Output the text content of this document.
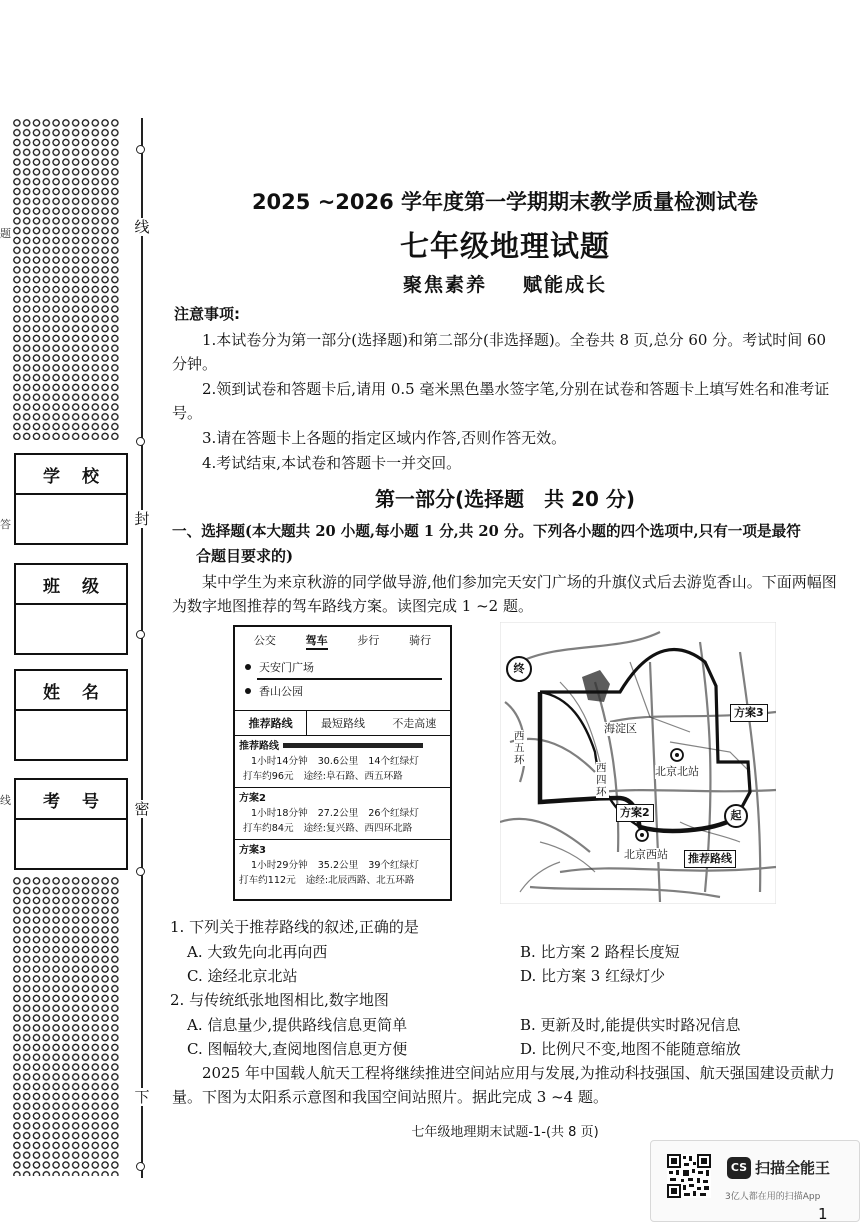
题
答
线
线
封
密
下
学 校
班 级
姓 名
考 号
2025 ~2026 学年度第一学期期末教学质量检测试卷
七年级地理试题
聚焦素养 赋能成长
注意事项:
1.本试卷分为第一部分(选择题)和第二部分(非选择题)。全卷共 8 页,总分 60 分。考试时间 60 分钟。
2.领到试卷和答题卡后,请用 0.5 毫米黑色墨水签字笔,分别在试卷和答题卡上填写姓名和准考证号。
3.请在答题卡上各题的指定区域内作答,否则作答无效。
4.考试结束,本试卷和答题卡一并交回。
第一部分(选择题　共 20 分)
一、选择题(本大题共 20 小题,每小题 1 分,共 20 分。下列各小题的四个选项中,只有一项是最符
合题目要求的)
某中学生为来京秋游的同学做导游,他们参加完天安门广场的升旗仪式后去游览香山。下面两幅图为数字地图推荐的驾车路线方案。读图完成 1 ~2 题。
公交	驾车	步行	骑行
天安门广场
香山公园
推荐路线	最短路线	不走高速
推荐路线
1小时14分钟 30.6公里 14个红绿灯
打车约96元 途经:阜石路、西五环路
方案2
1小时18分钟 27.2公里 26个红绿灯
打车约84元 途经:复兴路、西四环北路
方案3
1小时29分钟 35.2公里 39个红绿灯
打车约112元 途经:北辰西路、北五环路
终
起
方案3
海淀区
西五环
西四环
北京北站
方案2
北京西站	推荐路线
1. 下列关于推荐路线的叙述,正确的是
A. 大致先向北再向西	B. 比方案 2 路程长度短
C. 途经北京北站	D. 比方案 3 红绿灯少
2. 与传统纸张地图相比,数字地图
A. 信息量少,提供路线信息更简单	B. 更新及时,能提供实时路况信息
C. 图幅较大,查阅地图信息更方便	D. 比例尺不变,地图不能随意缩放
2025 年中国载人航天工程将继续推进空间站应用与发展,为推动科技强国、航天强国建设贡献力量。下图为太阳系示意图和我国空间站照片。据此完成 3 ~4 题。
七年级地理期末试题-1-(共 8 页)
CS 扫描全能王
3亿人都在用的扫描App
1
